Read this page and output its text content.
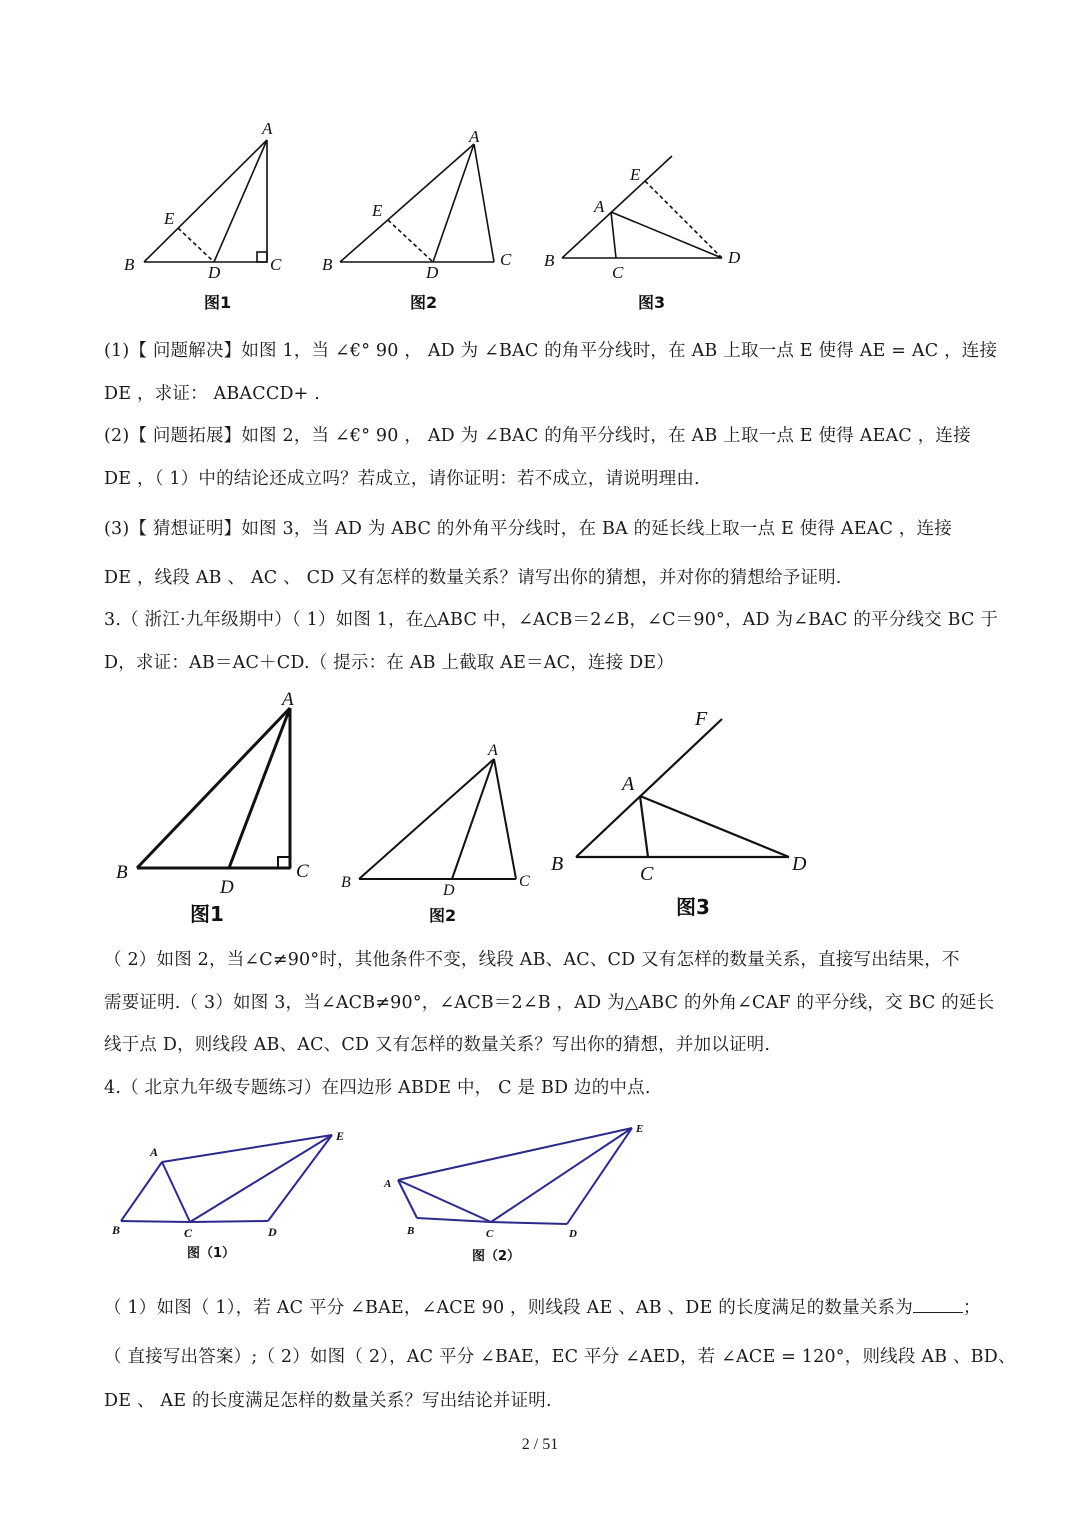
A
B	C
D
E
图1
A
B	C
D
E
图2
A
B
C
D
E
图3
(1)【 问题解决】如图 1，当 ∠€° 90 ， AD 为 ∠BAC 的角平分线时，在 AB 上取一点 E 使得 AE = AC ，连接
DE ，求证： ABACCD+ .
(2)【 问题拓展】如图 2，当 ∠€° 90 ， AD 为 ∠BAC 的角平分线时，在 AB 上取一点 E 使得 AEAC ，连接
DE ，（ 1）中的结论还成立吗？若成立，请你证明：若不成立，请说明理由.
(3)【 猜想证明】如图 3，当 AD 为 ABC 的外角平分线时，在 BA 的延长线上取一点 E 使得 AEAC ，连接
DE ，线段 AB 、 AC 、 CD 又有怎样的数量关系？请写出你的猜想，并对你的猜想给予证明.
3.（ 浙江·九年级期中）（ 1）如图 1，在△ABC 中，∠ACB＝2∠B，∠C＝90°，AD 为∠BAC 的平分线交 BC 于
D，求证：AB＝AC＋CD.（ 提示：在 AB 上截取 AE＝AC，连接 DE）
A
B	C
D
图1
A
B	C
D
图2
F
A
B	C	D
图3
（ 2）如图 2，当∠C≠90°时，其他条件不变，线段 AB、AC、CD 又有怎样的数量关系，直接写出结果，不
需要证明.（ 3）如图 3，当∠ACB≠90°，∠ACB＝2∠B ，AD 为△ABC 的外角∠CAF 的平分线，交 BC 的延长
线于点 D，则线段 AB、AC、CD 又有怎样的数量关系？写出你的猜想，并加以证明.
4.（ 北京九年级专题练习）在四边形 ABDE 中， C 是 BD 边的中点.
A
B	C	D
E
图（1）
A
B	C	D
E
图（2）
（ 1）如图（ 1），若 AC 平分 ∠BAE，∠ACE 90 ，则线段 AE 、AB 、DE 的长度满足的数量关系为	；
（ 直接写出答案）;（ 2）如图（ 2），AC 平分 ∠BAE，EC 平分 ∠AED，若 ∠ACE = 120°，则线段 AB 、BD、
DE 、 AE 的长度满足怎样的数量关系？写出结论并证明.
2 / 51
